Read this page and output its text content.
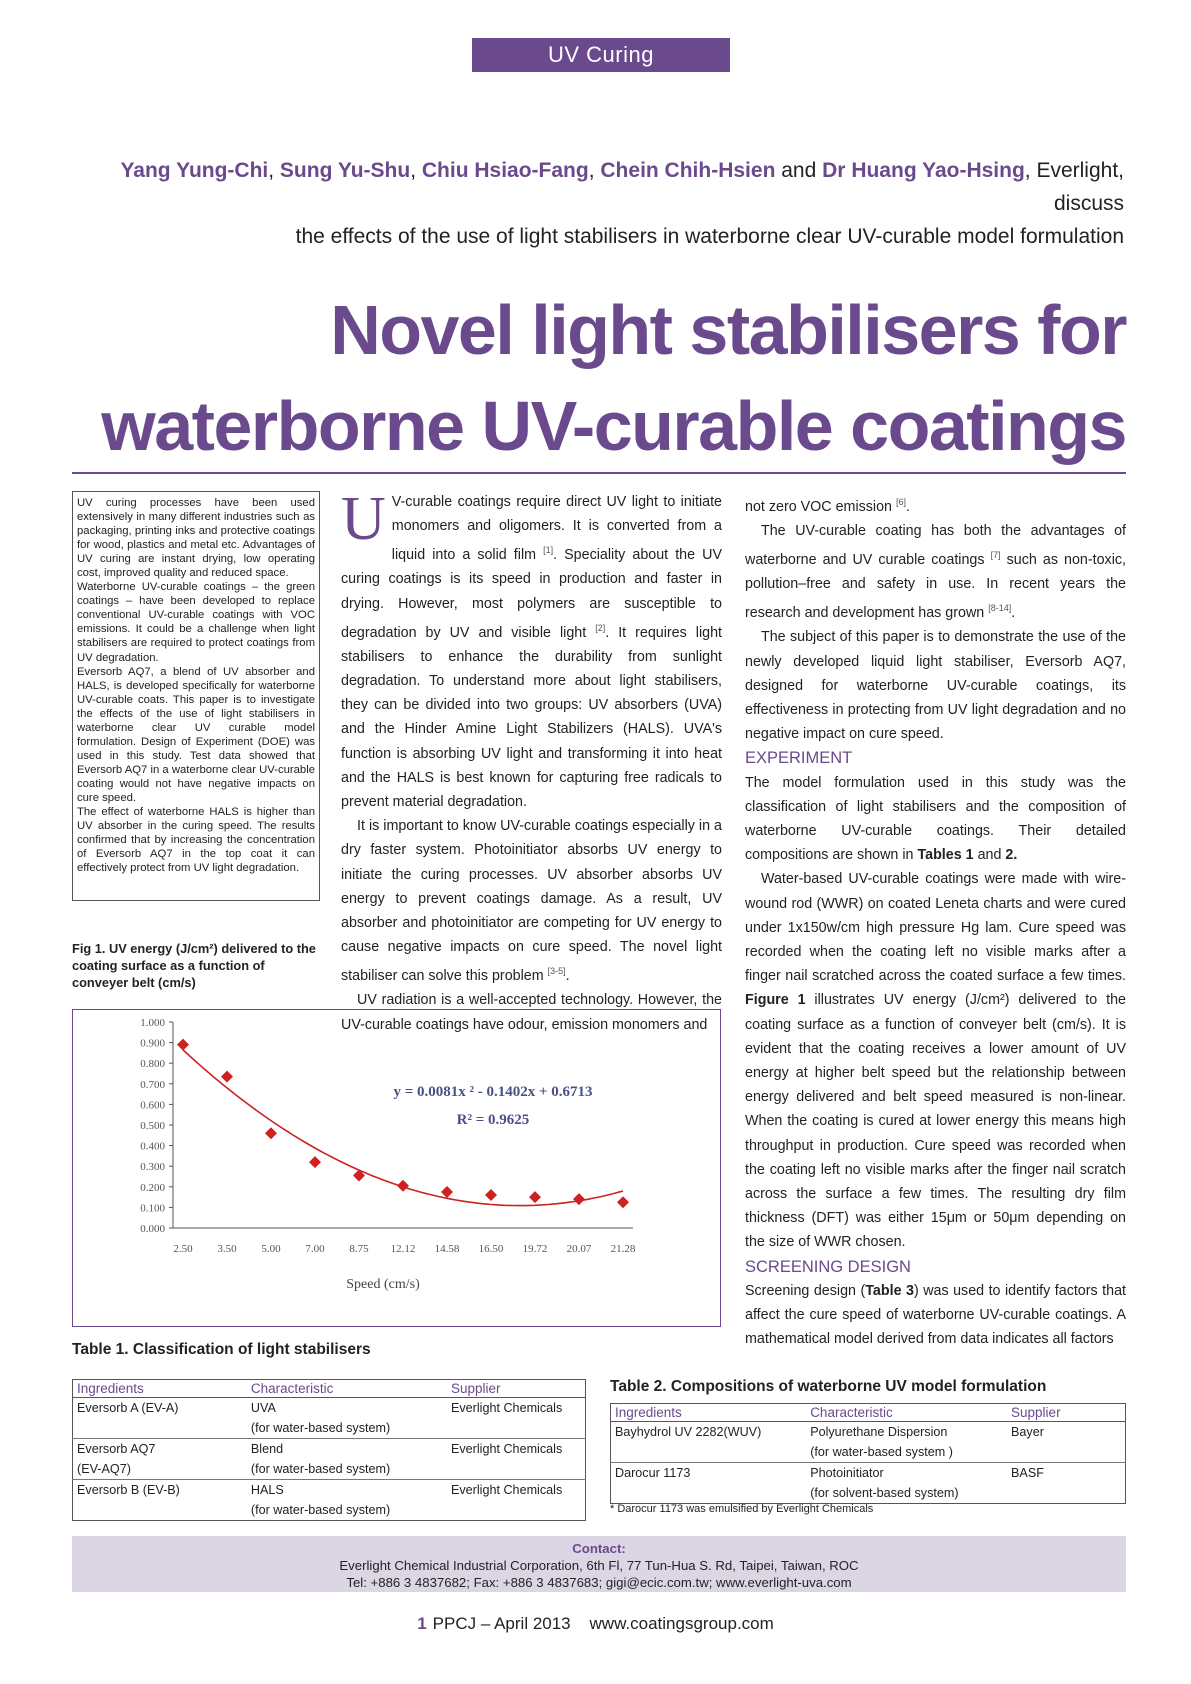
UV Curing
Yang Yung-Chi, Sung Yu-Shu, Chiu Hsiao-Fang, Chein Chih-Hsien and Dr Huang Yao-Hsing, Everlight, discuss
the effects of the use of light stabilisers in waterborne clear UV-curable model formulation
Novel light stabilisers for
waterborne UV-curable coatings

UV curing processes have been used extensively in many different industries such as packaging, printing inks and protective coatings for wood, plastics and metal etc. Advantages of UV curing are instant drying, low operating cost, improved quality and reduced space.

Waterborne UV-curable coatings – the green coatings – have been developed to replace conventional UV-curable coatings with VOC emissions. It could be a challenge when light stabilisers are required to protect coatings from UV degradation.

Eversorb AQ7, a blend of UV absorber and HALS, is developed specifically for waterborne UV-curable coats. This paper is to investigate the effects of the use of light stabilisers in waterborne clear UV curable model formulation. Design of Experiment (DOE) was used in this study. Test data showed that Eversorb AQ7 in a waterborne clear UV-curable coating would not have negative impacts on cure speed.

The effect of waterborne HALS is higher than UV absorber in the curing speed. The results confirmed that by increasing the concentration of Eversorb AQ7 in the top coat it can effectively protect from UV light degradation.

U V-curable coatings require direct UV light to initiate monomers and oligomers. It is converted from a liquid into a solid film [1]. Speciality about the UV curing coatings is its speed in production and faster in drying. However, most polymers are susceptible to degradation by UV and visible light [2]. It requires light stabilisers to enhance the durability from sunlight degradation. To understand more about light stabilisers, they can be divided into two groups: UV absorbers (UVA) and the Hinder Amine Light Stabilizers (HALS). UVA's function is absorbing UV light and transforming it into heat and the HALS is best known for capturing free radicals to prevent material degradation.

It is important to know UV-curable coatings especially in a dry faster system. Photoinitiator absorbs UV energy to initiate the curing processes. UV absorber absorbs UV energy to prevent coatings damage. As a result, UV absorber and photoinitiator are competing for UV energy to cause negative impacts on cure speed. The novel light stabiliser can solve this problem [3-5].

UV radiation is a well-accepted technology. However, the UV-curable coatings have odour, emission monomers and

not zero VOC emission [6].

The UV-curable coating has both the advantages of waterborne and UV curable coatings [7] such as non-toxic, pollution–free and safety in use. In recent years the research and development has grown [8-14].

The subject of this paper is to demonstrate the use of the newly developed liquid light stabiliser, Eversorb AQ7, designed for waterborne UV-curable coatings, its effectiveness in protecting from UV light degradation and no negative impact on cure speed.

EXPERIMENT

The model formulation used in this study was the classification of light stabilisers and the composition of waterborne UV-curable coatings. Their detailed compositions are shown in Tables 1 and 2.

Water-based UV-curable coatings were made with wire-wound rod (WWR) on coated Leneta charts and were cured under 1x150w/cm high pressure Hg lam. Cure speed was recorded when the coating left no visible marks after a finger nail scratched across the coated surface a few times. Figure 1 illustrates UV energy (J/cm²) delivered to the coating surface as a function of conveyer belt (cm/s). It is evident that the coating receives a lower amount of UV energy at higher belt speed but the relationship between energy delivered and belt speed measured is non-linear. When the coating is cured at lower energy this means high throughput in production. Cure speed was recorded when the coating left no visible marks after the finger nail scratch across the surface a few times. The resulting dry film thickness (DFT) was either 15μm or 50μm depending on the size of WWR chosen.

SCREENING DESIGN

Screening design (Table 3) was used to identify factors that affect the cure speed of waterborne UV-curable coatings. A mathematical model derived from data indicates all factors

Fig 1. UV energy (J/cm²) delivered to the coating surface as a function of conveyer belt (cm/s)
1.000
0.900
0.800
0.700
0.600
0.500
0.400
0.300
0.200
0.100
0.000
2.50 3.50 5.00 7.00 8.75 12.12 14.58 16.50 19.72 20.07 21.28
Speed (cm/s)
y = 0.0081x ² - 0.1402x + 0.6713
R² = 0.9625
Table 1. Classification of light stabilisers
Ingredients	Characteristic	Supplier
Eversorb A (EV-A)	UVA	Everlight Chemicals
	(for water-based system)	
Eversorb AQ7	Blend	Everlight Chemicals
(EV-AQ7)	(for water-based system)	
Eversorb B (EV-B)	HALS	Everlight Chemicals
	(for water-based system)	
Table 2. Compositions of waterborne UV model formulation
Ingredients	Characteristic	Supplier
Bayhydrol UV 2282(WUV)	Polyurethane Dispersion	Bayer
	(for water-based system )	
Darocur 1173	Photoinitiator	BASF
	(for solvent-based system)	
* Darocur 1173 was emulsified by Everlight Chemicals
Contact:
Everlight Chemical Industrial Corporation, 6th Fl, 77 Tun-Hua S. Rd, Taipei, Taiwan, ROC
Tel: +886 3 4837682; Fax: +886 3 4837683; gigi@ecic.com.tw; www.everlight-uva.com
1 PPCJ – April 2013    www.coatingsgroup.com
